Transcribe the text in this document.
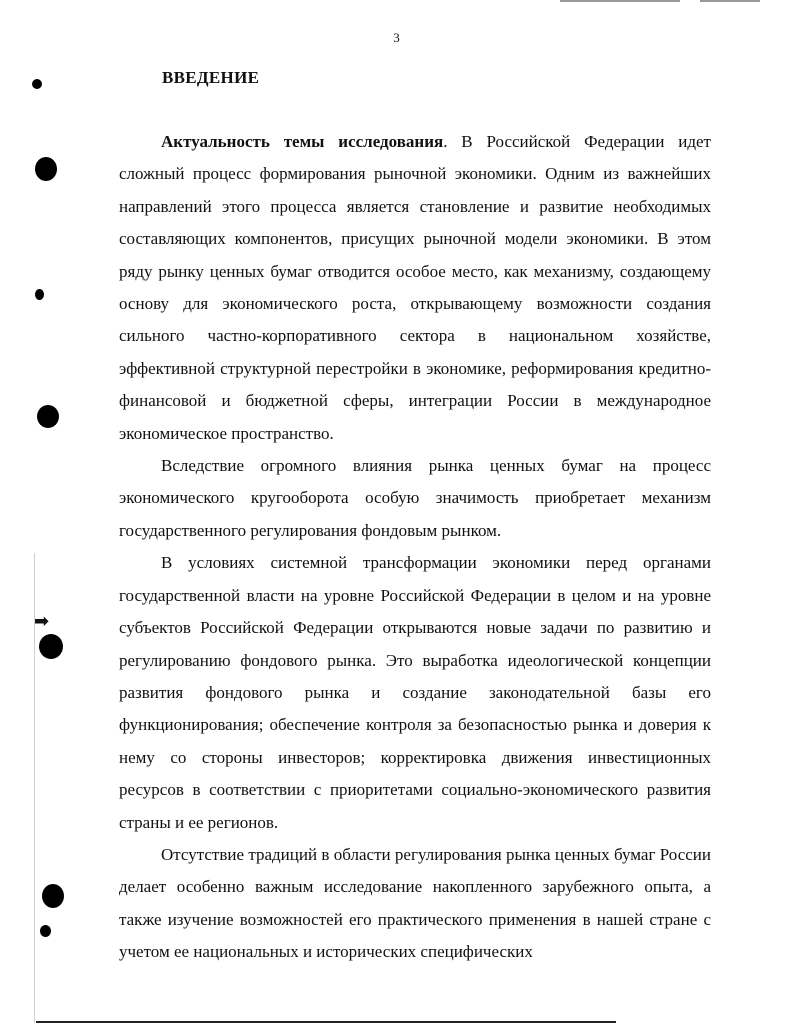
➡
3
ВВЕДЕНИЕ

Актуальность темы исследования. В Российской Федерации идет сложный процесс формирования рыночной экономики. Одним из важнейших направлений этого процесса является становление и развитие необходимых составляющих компонентов, присущих рыночной модели экономики. В этом ряду рынку ценных бумаг отводится особое место, как механизму, создающему основу для экономического роста, открывающему возможности создания сильного частно-корпоративного сектора в национальном хозяйстве, эффективной структурной перестройки в экономике, реформирования кредитно-финансовой и бюджетной сферы, интеграции России в международное экономическое пространство.

Вследствие огромного влияния рынка ценных бумаг на процесс экономического кругооборота особую значимость приобретает механизм государственного регулирования фондовым рынком.

В условиях системной трансформации экономики перед органами государственной власти на уровне Российской Федерации в целом и на уровне субъектов Российской Федерации открываются новые задачи по развитию и регулированию фондового рынка. Это выработка идеологической концепции развития фондового рынка и создание законодательной базы его функционирования; обеспечение контроля за безопасностью рынка и доверия к нему со стороны инвесторов; корректировка движения инвестиционных ресурсов в соответствии с приоритетами социально-экономического развития страны и ее регионов.

Отсутствие традиций в области регулирования рынка ценных бумаг России делает особенно важным исследование накопленного зарубежного опыта, а также изучение возможностей его практического применения в нашей стране с учетом ее национальных и исторических специфических
